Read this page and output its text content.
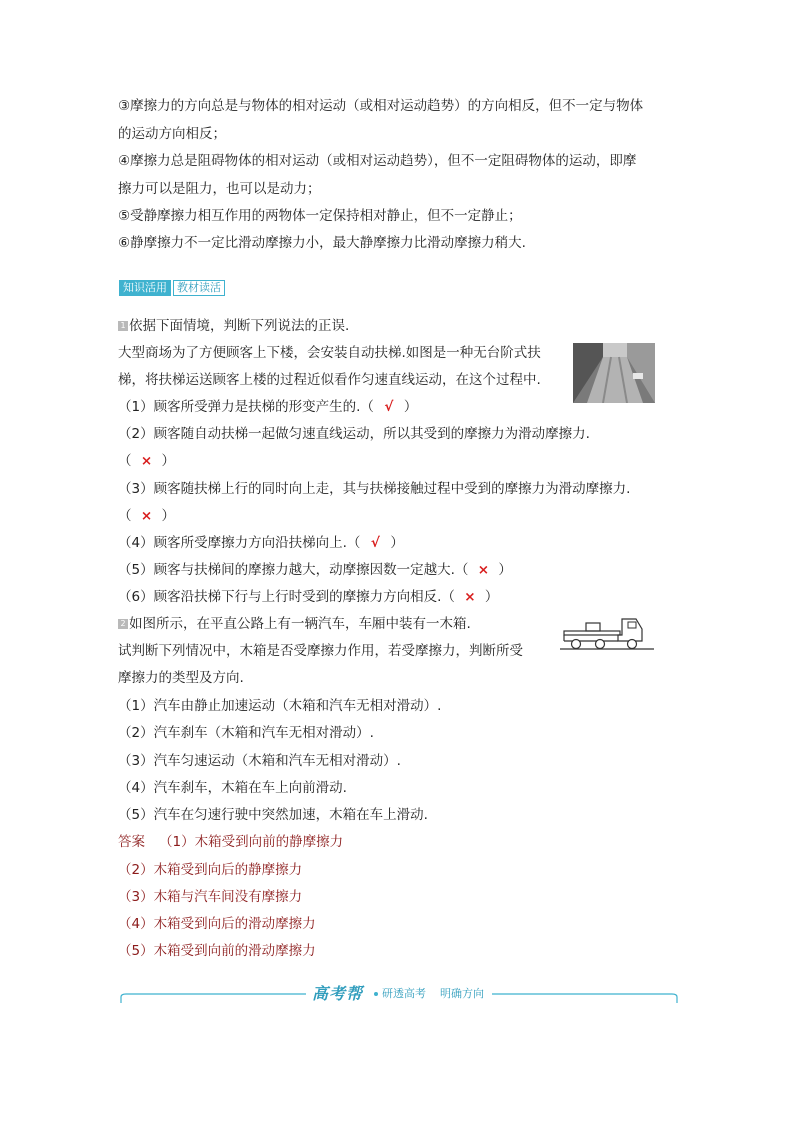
③摩擦力的方向总是与物体的相对运动（或相对运动趋势）的方向相反，但不一定与物体
的运动方向相反；
④摩擦力总是阻碍物体的相对运动（或相对运动趋势），但不一定阻碍物体的运动，即摩
擦力可以是阻力，也可以是动力；
⑤受静摩擦力相互作用的两物体一定保持相对静止，但不一定静止；
⑥静摩擦力不一定比滑动摩擦力小，最大静摩擦力比滑动摩擦力稍大.
知识活用 教材读活
1 依据下面情境，判断下列说法的正误.
大型商场为了方便顾客上下楼，会安装自动扶梯.如图是一种无台阶式扶
梯，将扶梯运送顾客上楼的过程近似看作匀速直线运动，在这个过程中.
（1）顾客所受弹力是扶梯的形变产生的.（ √ ）
（2）顾客随自动扶梯一起做匀速直线运动，所以其受到的摩擦力为滑动摩擦力.
（ × ）
（3）顾客随扶梯上行的同时向上走，其与扶梯接触过程中受到的摩擦力为滑动摩擦力.
（ × ）
（4）顾客所受摩擦力方向沿扶梯向上.（ √ ）
（5）顾客与扶梯间的摩擦力越大，动摩擦因数一定越大.（ × ）
（6）顾客沿扶梯下行与上行时受到的摩擦力方向相反.（ × ）
2 如图所示，在平直公路上有一辆汽车，车厢中装有一木箱.
试判断下列情况中，木箱是否受摩擦力作用，若受摩擦力，判断所受
摩擦力的类型及方向.
（1）汽车由静止加速运动（木箱和汽车无相对滑动）.
（2）汽车刹车（木箱和汽车无相对滑动）.
（3）汽车匀速运动（木箱和汽车无相对滑动）.
（4）汽车刹车，木箱在车上向前滑动.
（5）汽车在匀速行驶中突然加速，木箱在车上滑动.
答案 （1）木箱受到向前的静摩擦力
（2）木箱受到向后的静摩擦力
（3）木箱与汽车间没有摩擦力
（4）木箱受到向后的滑动摩擦力
（5）木箱受到向前的滑动摩擦力
高考帮 研透高考 明确方向
